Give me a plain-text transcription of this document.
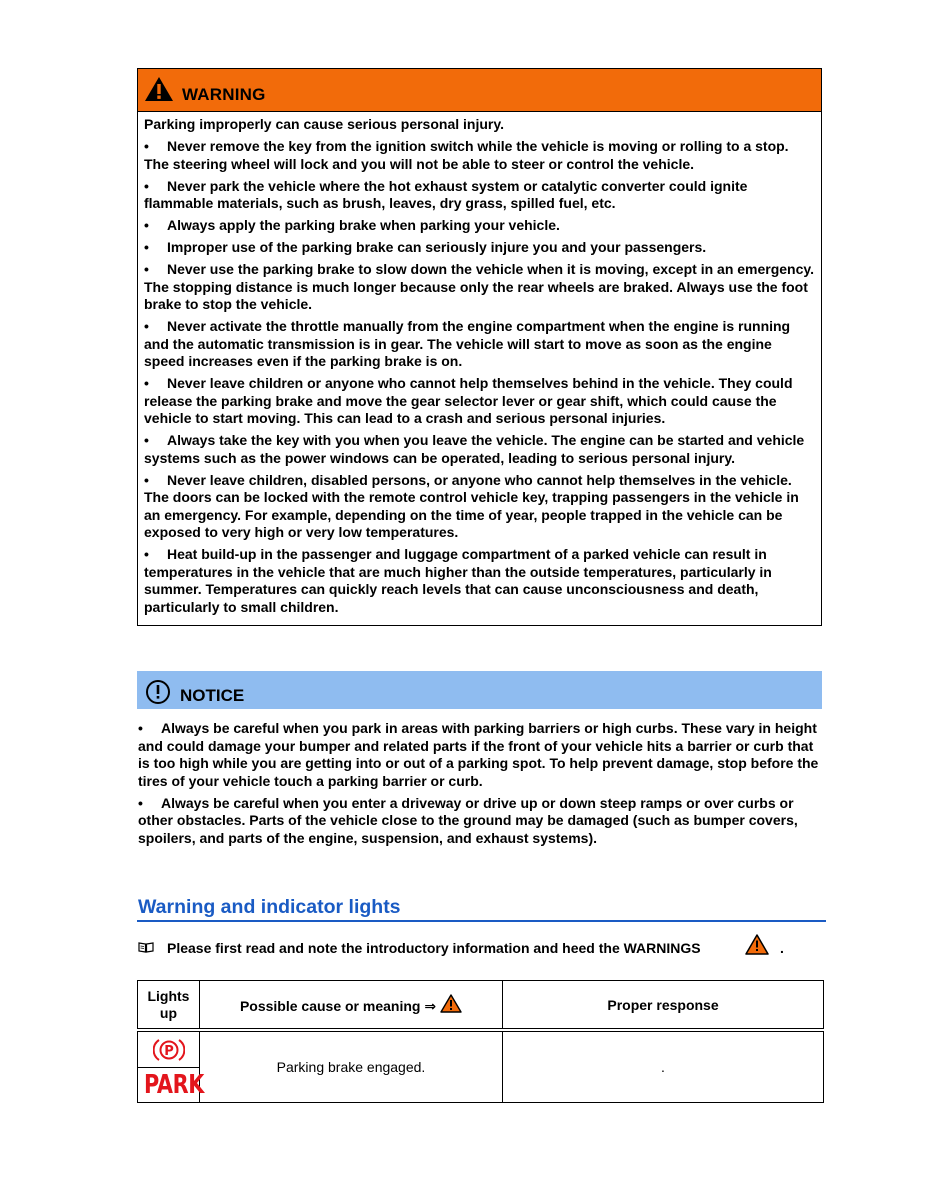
WARNING

Parking improperly can cause serious personal injury.

• Never remove the key from the ignition switch while the vehicle is moving or rolling to a stop. The steering wheel will lock and you will not be able to steer or control the vehicle.

• Never park the vehicle where the hot exhaust system or catalytic converter could ignite flammable materials, such as brush, leaves, dry grass, spilled fuel, etc.

• Always apply the parking brake when parking your vehicle.

• Improper use of the parking brake can seriously injure you and your passengers.

• Never use the parking brake to slow down the vehicle when it is moving, except in an emergency. The stopping distance is much longer because only the rear wheels are braked. Always use the foot brake to stop the vehicle.

• Never activate the throttle manually from the engine compartment when the engine is running and the automatic transmission is in gear. The vehicle will start to move as soon as the engine speed increases even if the parking brake is on.

• Never leave children or anyone who cannot help themselves behind in the vehicle. They could release the parking brake and move the gear selector lever or gear shift, which could cause the vehicle to start moving. This can lead to a crash and serious personal injuries.

• Always take the key with you when you leave the vehicle. The engine can be started and vehicle systems such as the power windows can be operated, leading to serious personal injury.

• Never leave children, disabled persons, or anyone who cannot help themselves in the vehicle. The doors can be locked with the remote control vehicle key, trapping passengers in the vehicle in an emergency. For example, depending on the time of year, people trapped in the vehicle can be exposed to very high or very low temperatures.

• Heat build-up in the passenger and luggage compartment of a parked vehicle can result in temperatures in the vehicle that are much higher than the outside temperatures, particularly in summer. Temperatures can quickly reach levels that can cause unconsciousness and death, particularly to small children.

NOTICE

• Always be careful when you park in areas with parking barriers or high curbs. These vary in height and could damage your bumper and related parts if the front of your vehicle hits a barrier or curb that is too high while you are getting into or out of a parking spot. To help prevent damage, stop before the tires of your vehicle touch a parking barrier or curb.

• Always be careful when you enter a driveway or drive up or down steep ramps or over curbs or other obstacles. Parts of the vehicle close to the ground may be damaged (such as bumper covers, spoilers, and parts of the engine, suspension, and exhaust systems).

Warning and indicator lights
Please first read and note the introductory information and heed the WARNINGS	.
Lights up	Possible cause or meaning ⇒	Proper response

P
PARK	Parking brake engaged.	.
